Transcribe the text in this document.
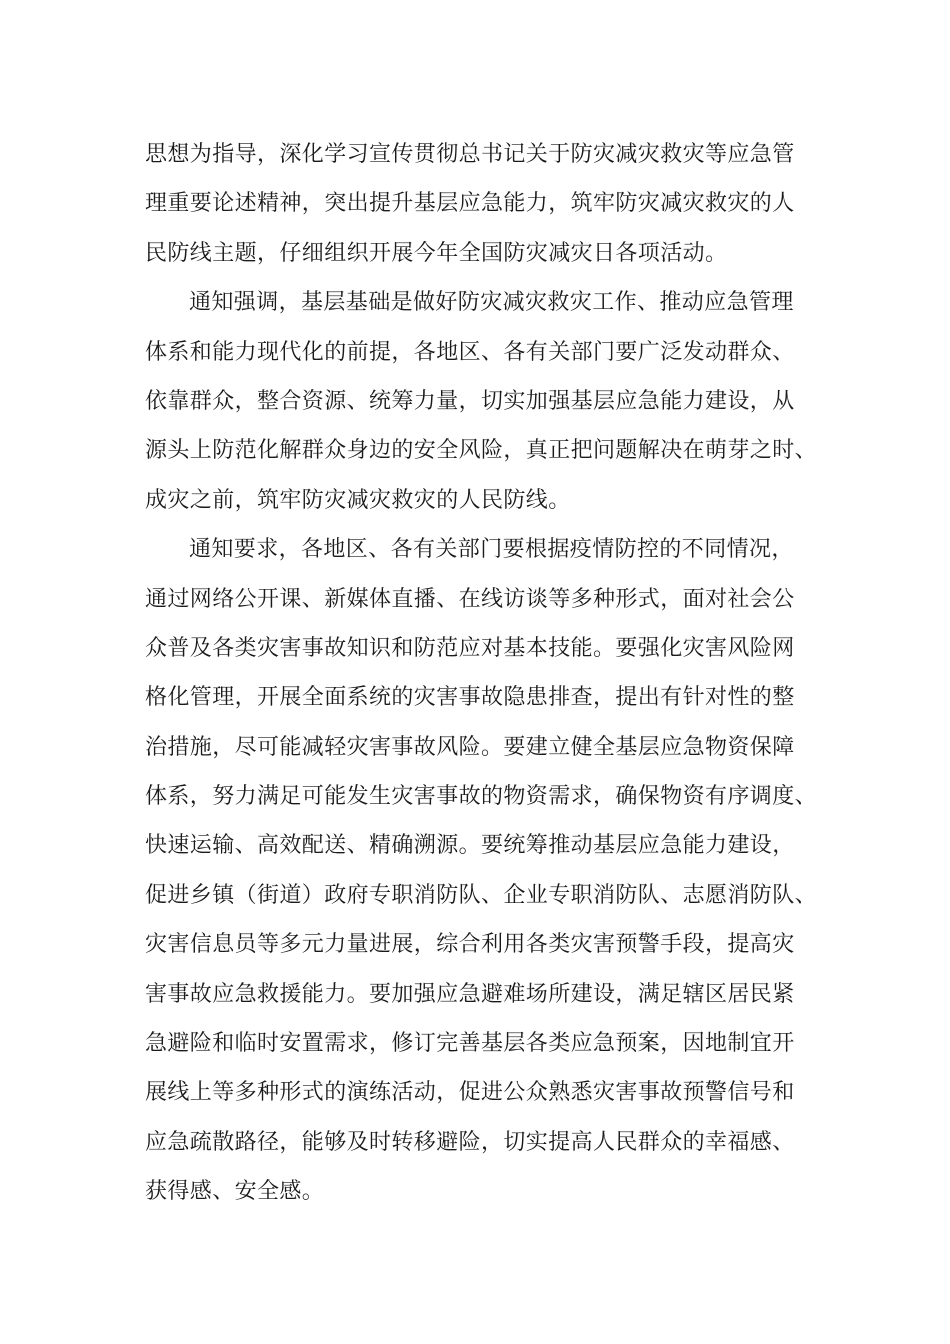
思想为指导，深化学习宣传贯彻总书记关于防灾减灾救灾等应急管
理重要论述精神，突出提升基层应急能力，筑牢防灾减灾救灾的人
民防线主题，仔细组织开展今年全国防灾减灾日各项活动。
通知强调，基层基础是做好防灾减灾救灾工作、推动应急管理
体系和能力现代化的前提，各地区、各有关部门要广泛发动群众、
依靠群众，整合资源、统筹力量，切实加强基层应急能力建设，从
源头上防范化解群众身边的安全风险，真正把问题解决在萌芽之时、
成灾之前，筑牢防灾减灾救灾的人民防线。
通知要求，各地区、各有关部门要根据疫情防控的不同情况，
通过网络公开课、新媒体直播、在线访谈等多种形式，面对社会公
众普及各类灾害事故知识和防范应对基本技能。要强化灾害风险网
格化管理，开展全面系统的灾害事故隐患排查，提出有针对性的整
治措施，尽可能减轻灾害事故风险。要建立健全基层应急物资保障
体系，努力满足可能发生灾害事故的物资需求，确保物资有序调度、
快速运输、高效配送、精确溯源。要统筹推动基层应急能力建设，
促进乡镇（街道）政府专职消防队、企业专职消防队、志愿消防队、
灾害信息员等多元力量进展，综合利用各类灾害预警手段，提高灾
害事故应急救援能力。要加强应急避难场所建设，满足辖区居民紧
急避险和临时安置需求，修订完善基层各类应急预案，因地制宜开
展线上等多种形式的演练活动，促进公众熟悉灾害事故预警信号和
应急疏散路径，能够及时转移避险，切实提高人民群众的幸福感、
获得感、安全感。
